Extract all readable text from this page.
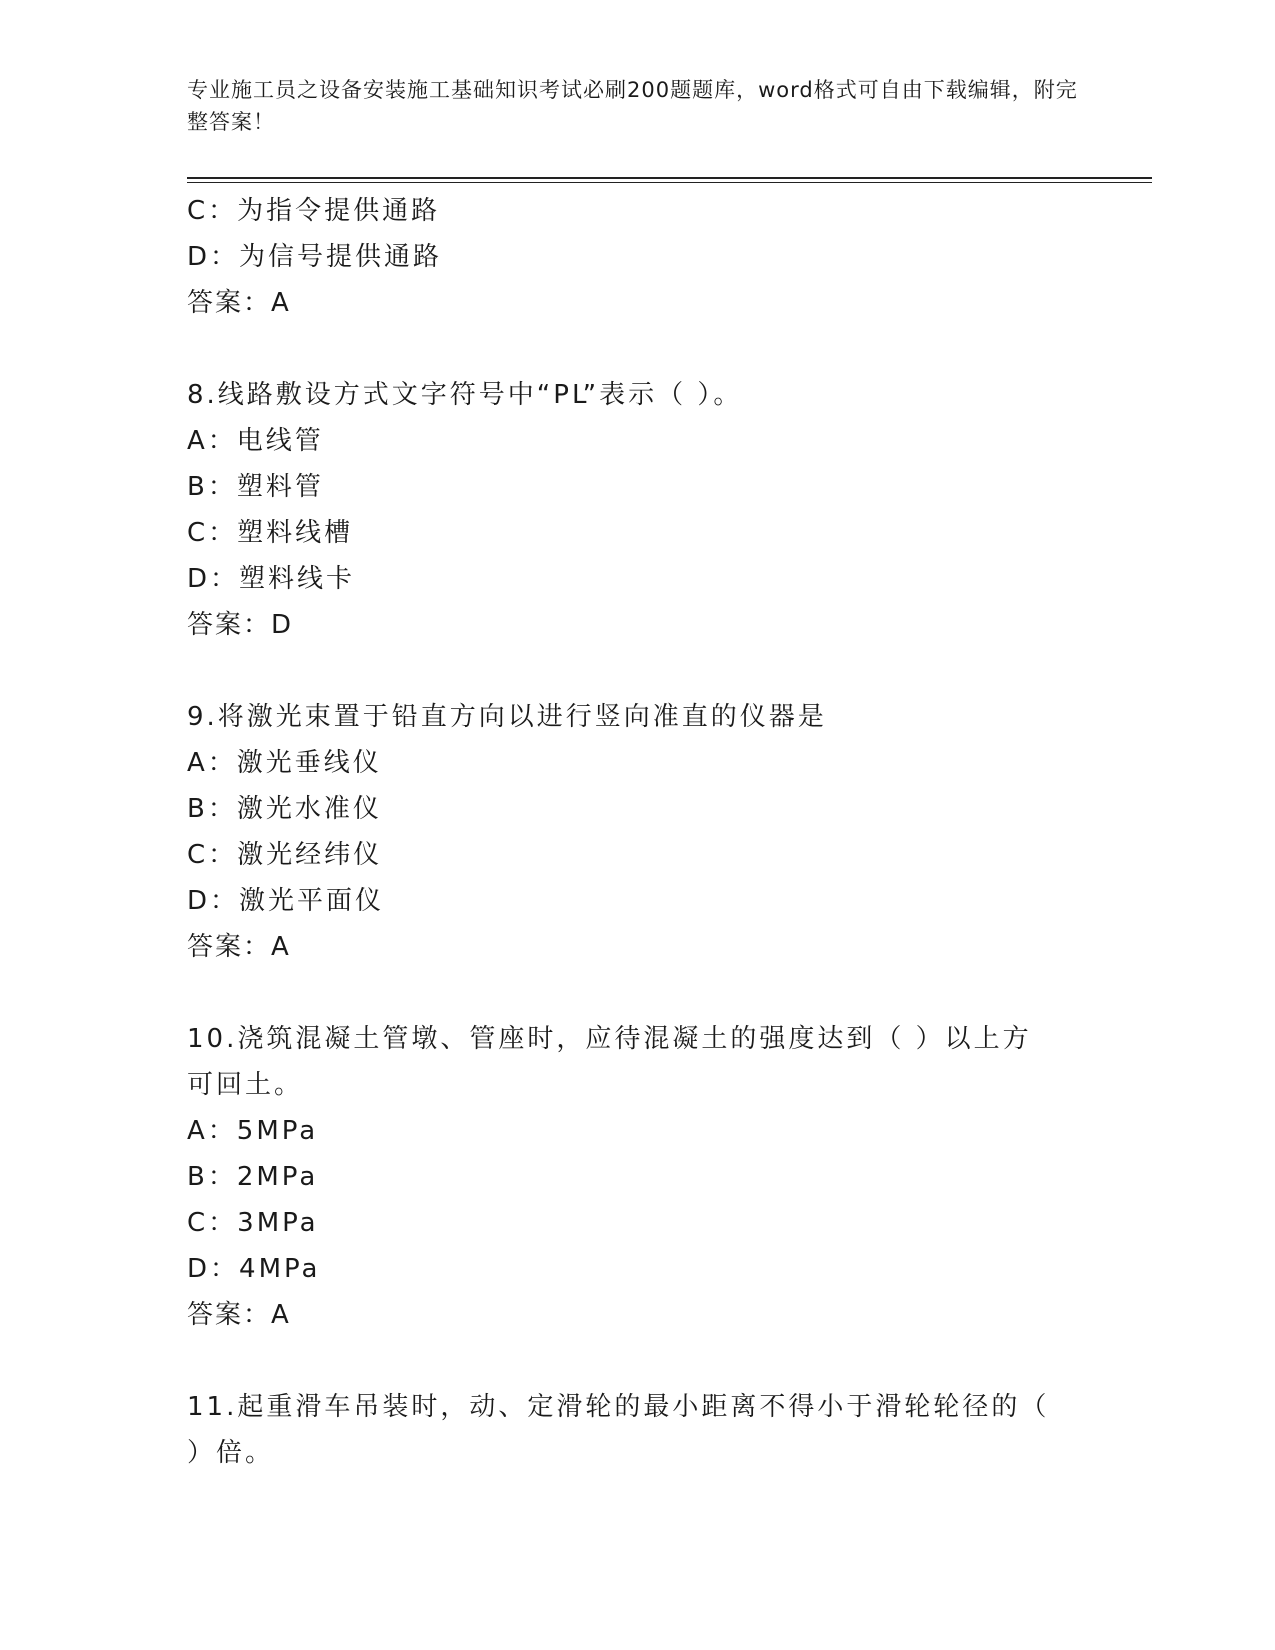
专业施工员之设备安装施工基础知识考试必刷200题题库，word格式可自由下载编辑，附完整答案！
C：为指令提供通路
D：为信号提供通路
答案：A
8.线路敷设方式文字符号中“PL”表示（ ）。
A：电线管
B：塑料管
C：塑料线槽
D：塑料线卡
答案：D
9.将激光束置于铅直方向以进行竖向准直的仪器是
A：激光垂线仪
B：激光水准仪
C：激光经纬仪
D：激光平面仪
答案：A
10.浇筑混凝土管墩、管座时，应待混凝土的强度达到（ ）以上方可回土。
A：5MPa
B：2MPa
C：3MPa
D：4MPa
答案：A
11.起重滑车吊装时，动、定滑轮的最小距离不得小于滑轮轮径的（ ）倍。
